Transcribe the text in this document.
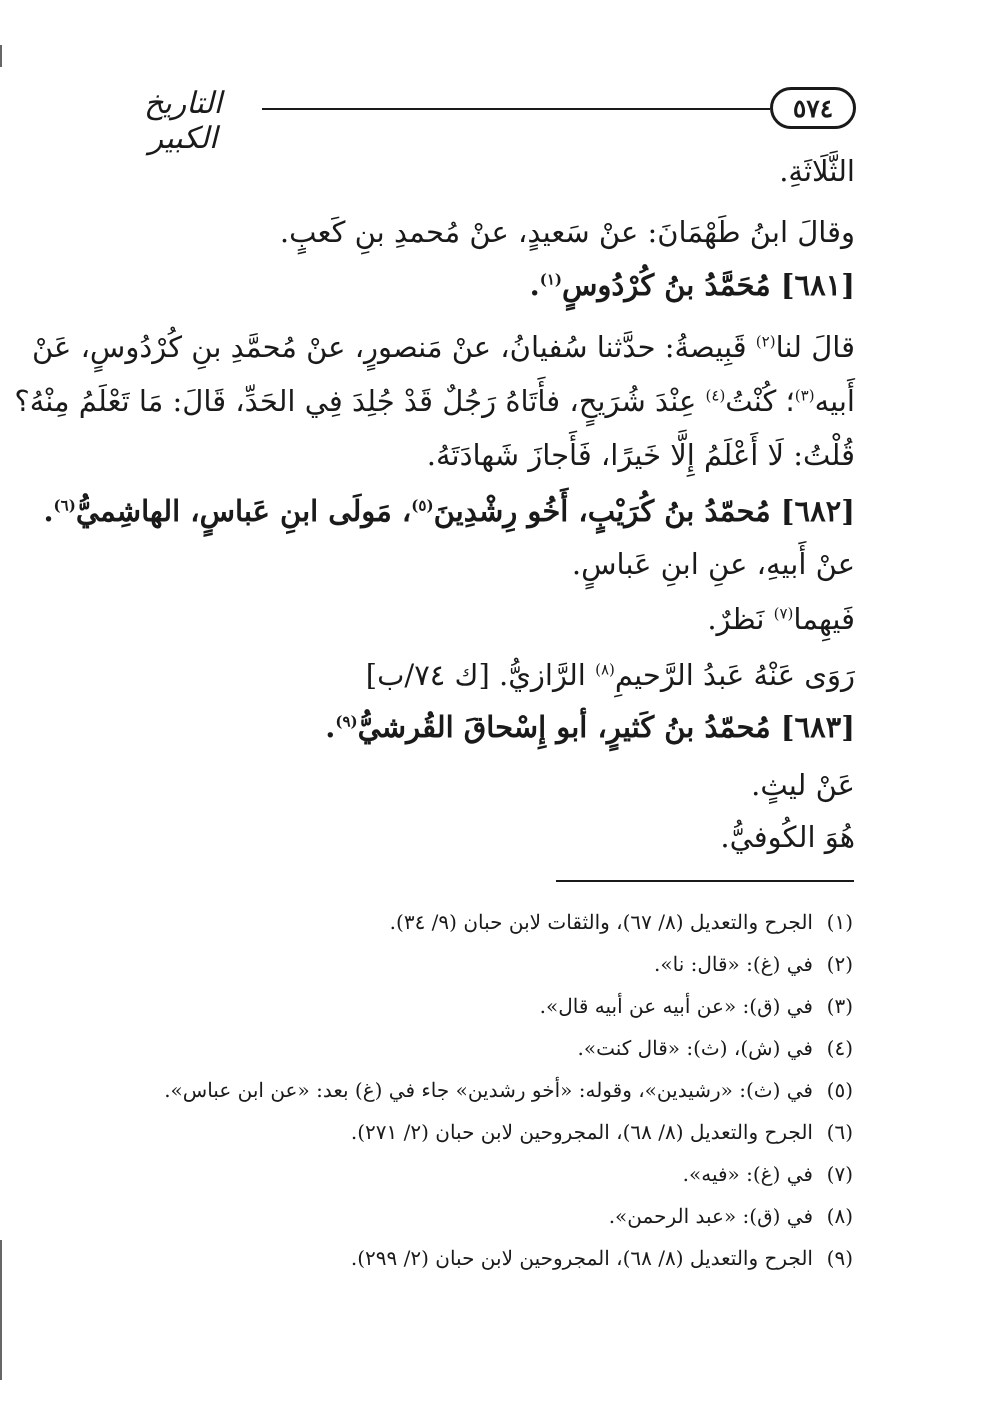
٥٧٤
التاريخ الكبير
الثَّلَاثَةِ.
وقالَ ابنُ طَهْمَانَ: عنْ سَعيدٍ، عنْ مُحمدِ بنِ كَعبٍ.
[٦٨١] مُحَمَّدُ بنُ كُرْدُوسٍ$^{(١)}$.
قالَ لنا$^{(٢)}$ قَبِيصةُ: حدَّثنا سُفيانُ، عنْ مَنصورٍ، عنْ مُحمَّدِ بنِ كُرْدُوسٍ، عَنْ
أَبيه$^{(٣)}$؛ كُنْتُ$^{(٤)}$ عِنْدَ شُرَيحٍ، فأَتَاهُ رَجُلٌ قَدْ جُلِدَ فِي الحَدِّ، قَالَ: مَا تَعْلَمُ مِنْهُ؟
قُلْتُ: لَا أَعْلَمُ إِلَّا خَيرًا، فَأَجازَ شَهادَتَهُ.
[٦٨٢] مُحمّدُ بنُ كُرَيْبٍ، أَخُو رِشْدِينَ$^{(٥)}$، مَولَى ابنِ عَباسٍ، الهاشِميُّ$^{(٦)}$.
عنْ أَبيهِ، عنِ ابنِ عَباسٍ.
فَيهِما$^{(٧)}$ نَظرٌ.
رَوَى عَنْهُ عَبدُ الرَّحيمِ$^{(٨)}$ الرَّازيُّ. [ك ٧٤/ب]
[٦٨٣] مُحمّدُ بنُ كَثيرٍ، أبو إِسْحاقَ القُرشيُّ$^{(٩)}$.
عَنْ ليثٍ.
هُوَ الكُوفيُّ.
(١)الجرح والتعديل (٨/ ٦٧)، والثقات لابن حبان (٩/ ٣٤).
(٢)في (غ): «قال: نا».
(٣)في (ق): «عن أبيه عن أبيه قال».
(٤)في (ش)، (ث): «قال كنت».
(٥)في (ث): «رشيدين»، وقوله: «أخو رشدين» جاء في (غ) بعد: «عن ابن عباس».
(٦)الجرح والتعديل (٨/ ٦٨)، المجروحين لابن حبان (٢/ ٢٧١).
(٧)في (غ): «فيه».
(٨)في (ق): «عبد الرحمن».
(٩)الجرح والتعديل (٨/ ٦٨)، المجروحين لابن حبان (٢/ ٢٩٩).
